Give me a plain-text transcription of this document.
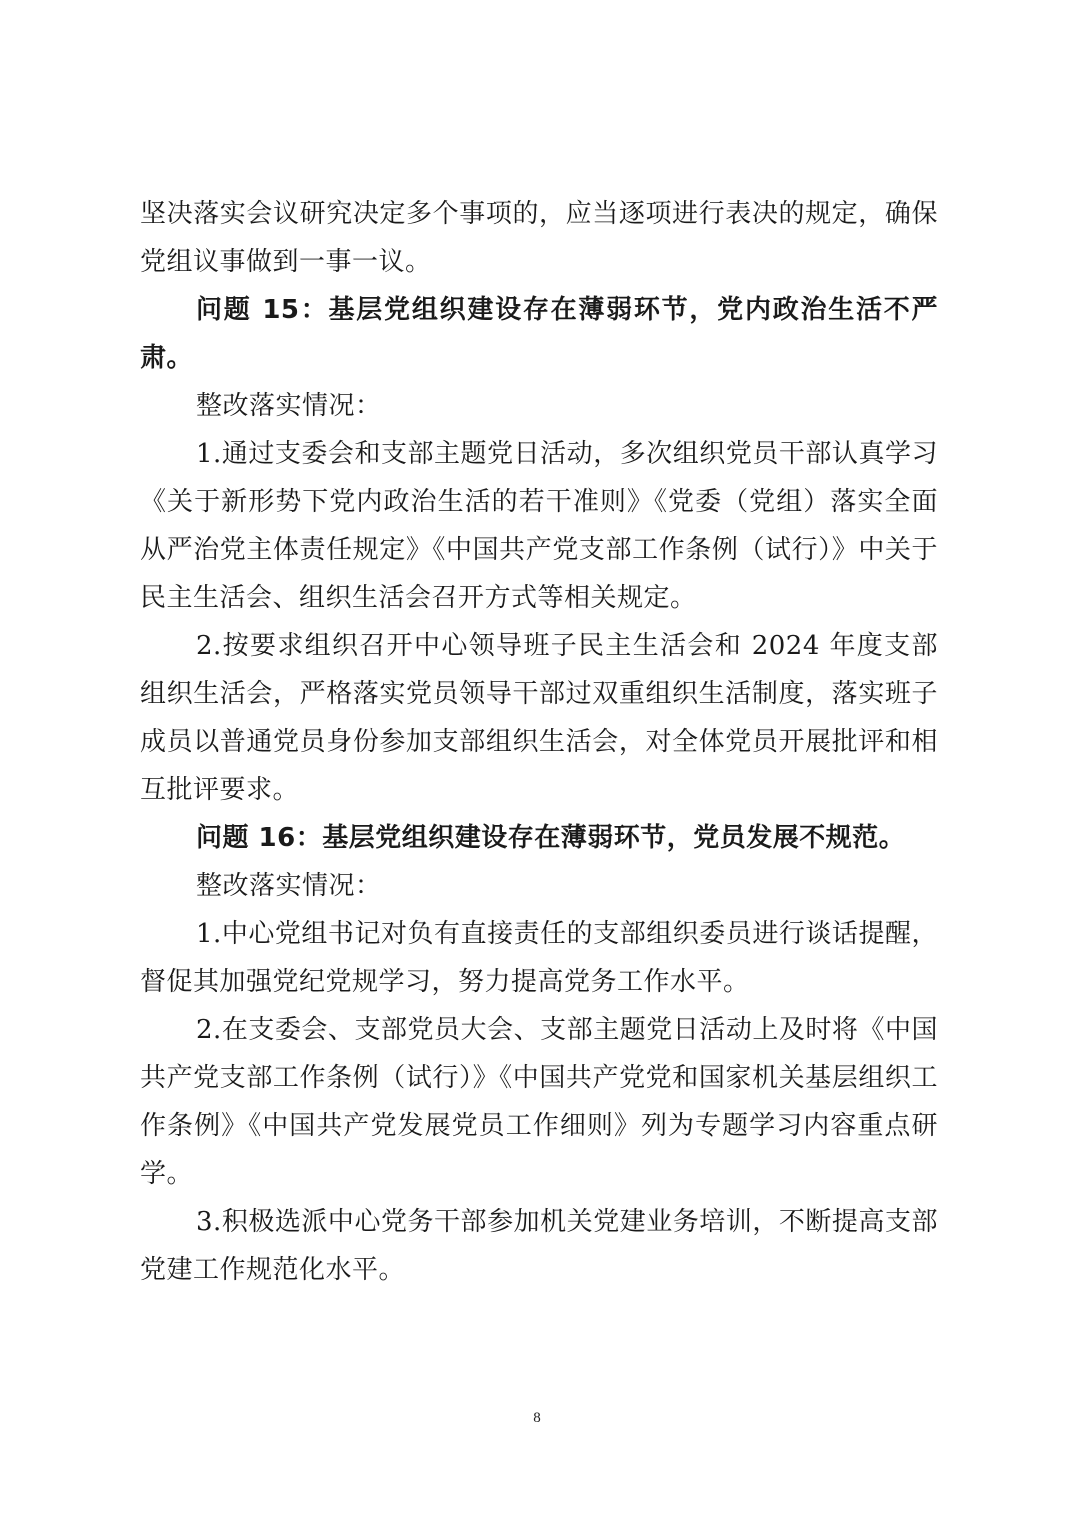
坚决落实会议研究决定多个事项的，应当逐项进行表决的规定，确保党组议事做到一事一议。

问题 15：基层党组织建设存在薄弱环节，党内政治生活不严肃。

整改落实情况：

1.通过支委会和支部主题党日活动，多次组织党员干部认真学习《关于新形势下党内政治生活的若干准则》《党委（党组）落实全面从严治党主体责任规定》《中国共产党支部工作条例（试行）》中关于民主生活会、组织生活会召开方式等相关规定。

2.按要求组织召开中心领导班子民主生活会和 2024 年度支部组织生活会，严格落实党员领导干部过双重组织生活制度，落实班子成员以普通党员身份参加支部组织生活会，对全体党员开展批评和相互批评要求。

问题 16：基层党组织建设存在薄弱环节，党员发展不规范。

整改落实情况：

1.中心党组书记对负有直接责任的支部组织委员进行谈话提醒，督促其加强党纪党规学习，努力提高党务工作水平。

2.在支委会、支部党员大会、支部主题党日活动上及时将《中国共产党支部工作条例（试行）》《中国共产党党和国家机关基层组织工作条例》《中国共产党发展党员工作细则》列为专题学习内容重点研学。

3.积极选派中心党务干部参加机关党建业务培训，不断提高支部党建工作规范化水平。

8
